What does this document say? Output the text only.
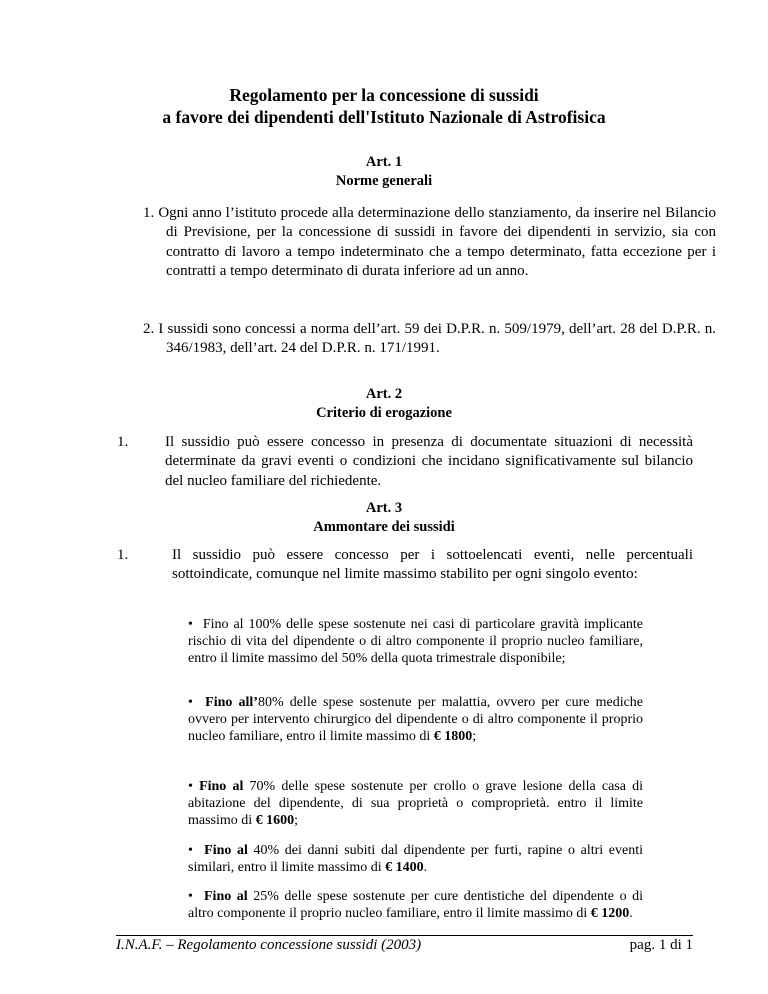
Regolamento per la concessione di sussidi
a favore dei dipendenti dell'Istituto Nazionale di Astrofisica
Art. 1
Norme generali
1. Ogni anno l’istituto procede alla determinazione dello stanziamento, da inserire nel Bilancio di Previsione, per la concessione di sussidi in favore dei dipendenti in servizio, sia con contratto di lavoro a tempo indeterminato che a tempo determinato, fatta eccezione per i contratti a tempo determinato di durata inferiore ad un anno.
2. I sussidi sono concessi a norma dell’art. 59 dei D.P.R. n. 509/1979, dell’art. 28 del D.P.R. n. 346/1983, dell’art. 24 del D.P.R. n. 171/1991.
Art. 2
Criterio di erogazione
1. Il sussidio può essere concesso in presenza di documentate situazioni di necessità determinate da gravi eventi o condizioni che incidano significativamente sul bilancio del nucleo familiare del richiedente.
Art. 3
Ammontare dei sussidi
1.	Il sussidio può essere concesso per i sottoelencati eventi, nelle percentuali sottoindicate, comunque nel limite massimo stabilito per ogni singolo evento:
•  Fino al 100% delle spese sostenute nei casi di particolare gravità implicante rischio di vita del dipendente o di altro componente il proprio nucleo familiare, entro il limite massimo del 50% della quota trimestrale disponibile;
•  Fino all’80% delle spese sostenute per malattia, ovvero per cure mediche ovvero per intervento chirurgico del dipendente o di altro componente il proprio nucleo familiare, entro il limite massimo di € 1800;
• Fino al 70% delle spese sostenute per crollo o grave lesione della casa di abitazione del dipendente, di sua proprietà o comproprietà. entro il limite massimo di € 1600;
I.N.A.F. – Regolamento concessione sussidi (2003)	pag. 1 di 1
•  Fino al 40% dei danni subiti dal dipendente per furti, rapine o altri eventi similari, entro il limite massimo di € 1400.
•  Fino al 25% delle spese sostenute per cure dentistiche del dipendente o di altro componente il proprio nucleo familiare, entro il limite massimo di € 1200.
